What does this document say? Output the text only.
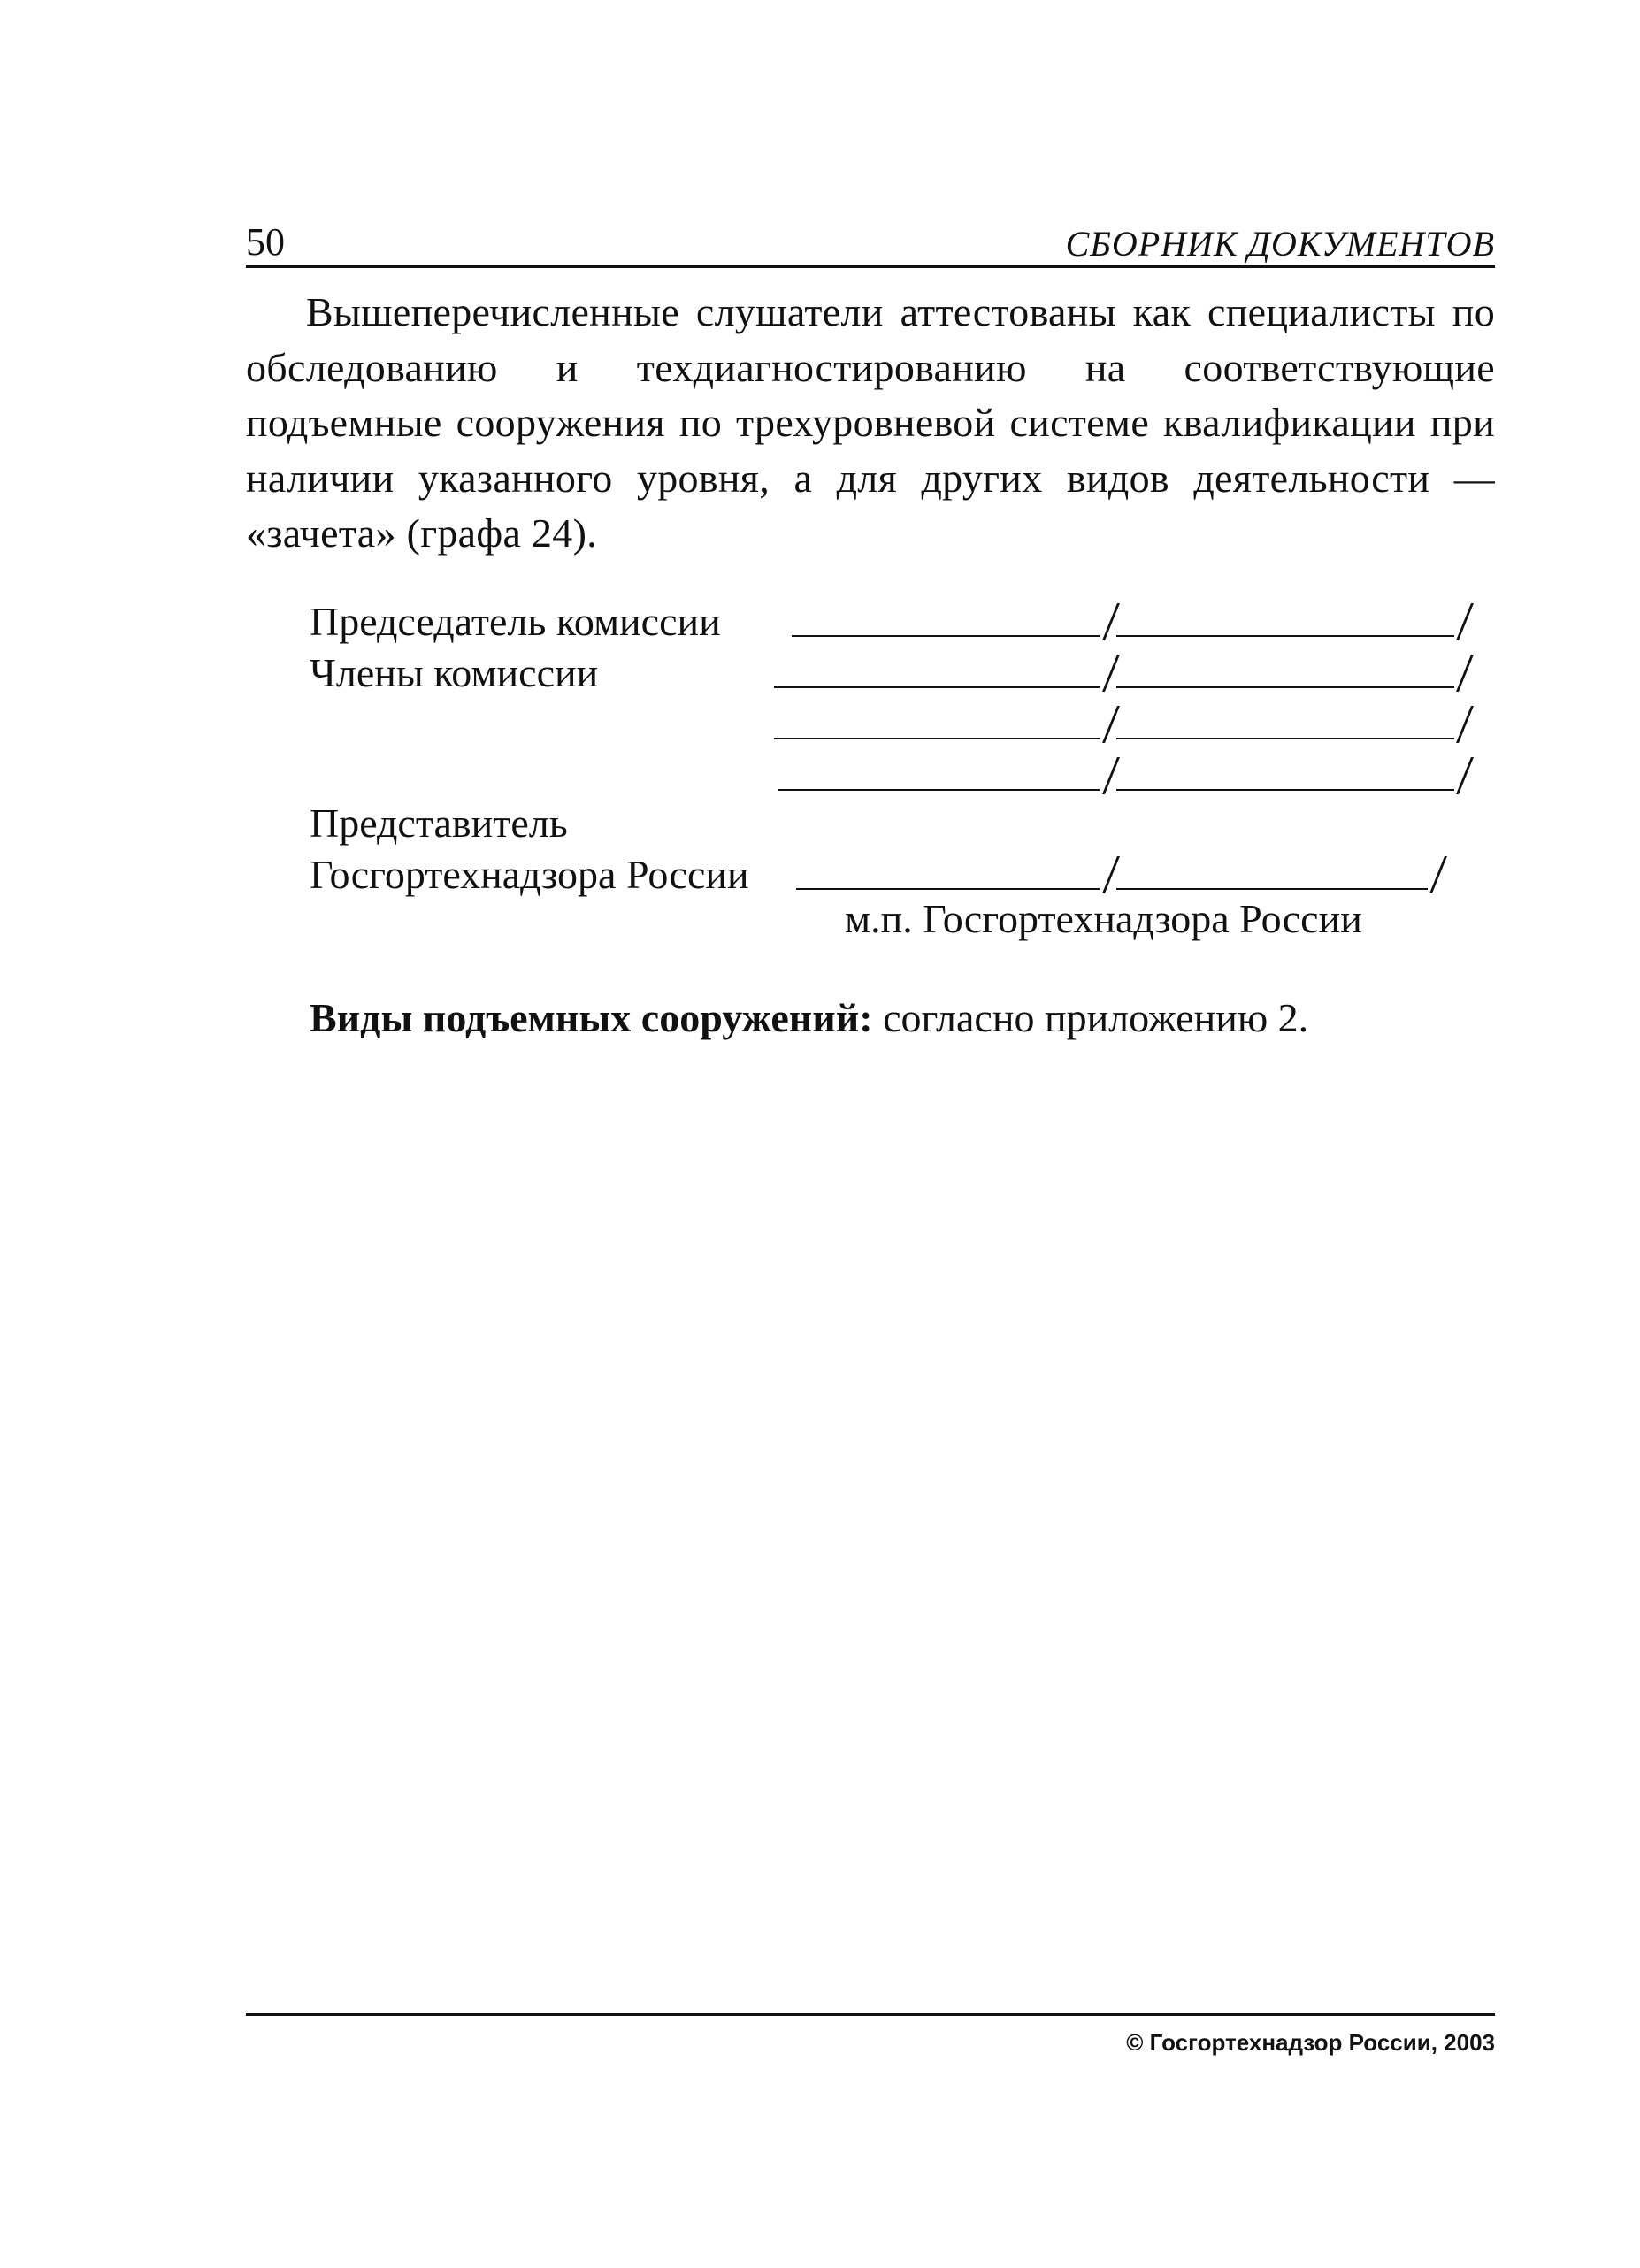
50	СБОРНИК ДОКУМЕНТОВ

Вышеперечисленные слушатели аттестованы как специалисты по обследованию и техдиагностированию на соответствующие подъемные сооружения по трехуровневой системе квалификации при наличии указанного уровня, а для других видов деятельности — «зачета» (графа 24).

Председатель комиссии
Члены комиссии
Представитель
Госгортехнадзора России
м.п. Госгортехнадзора России
Виды подъемных сооружений: согласно приложению 2.
© Госгортехнадзор России, 2003
